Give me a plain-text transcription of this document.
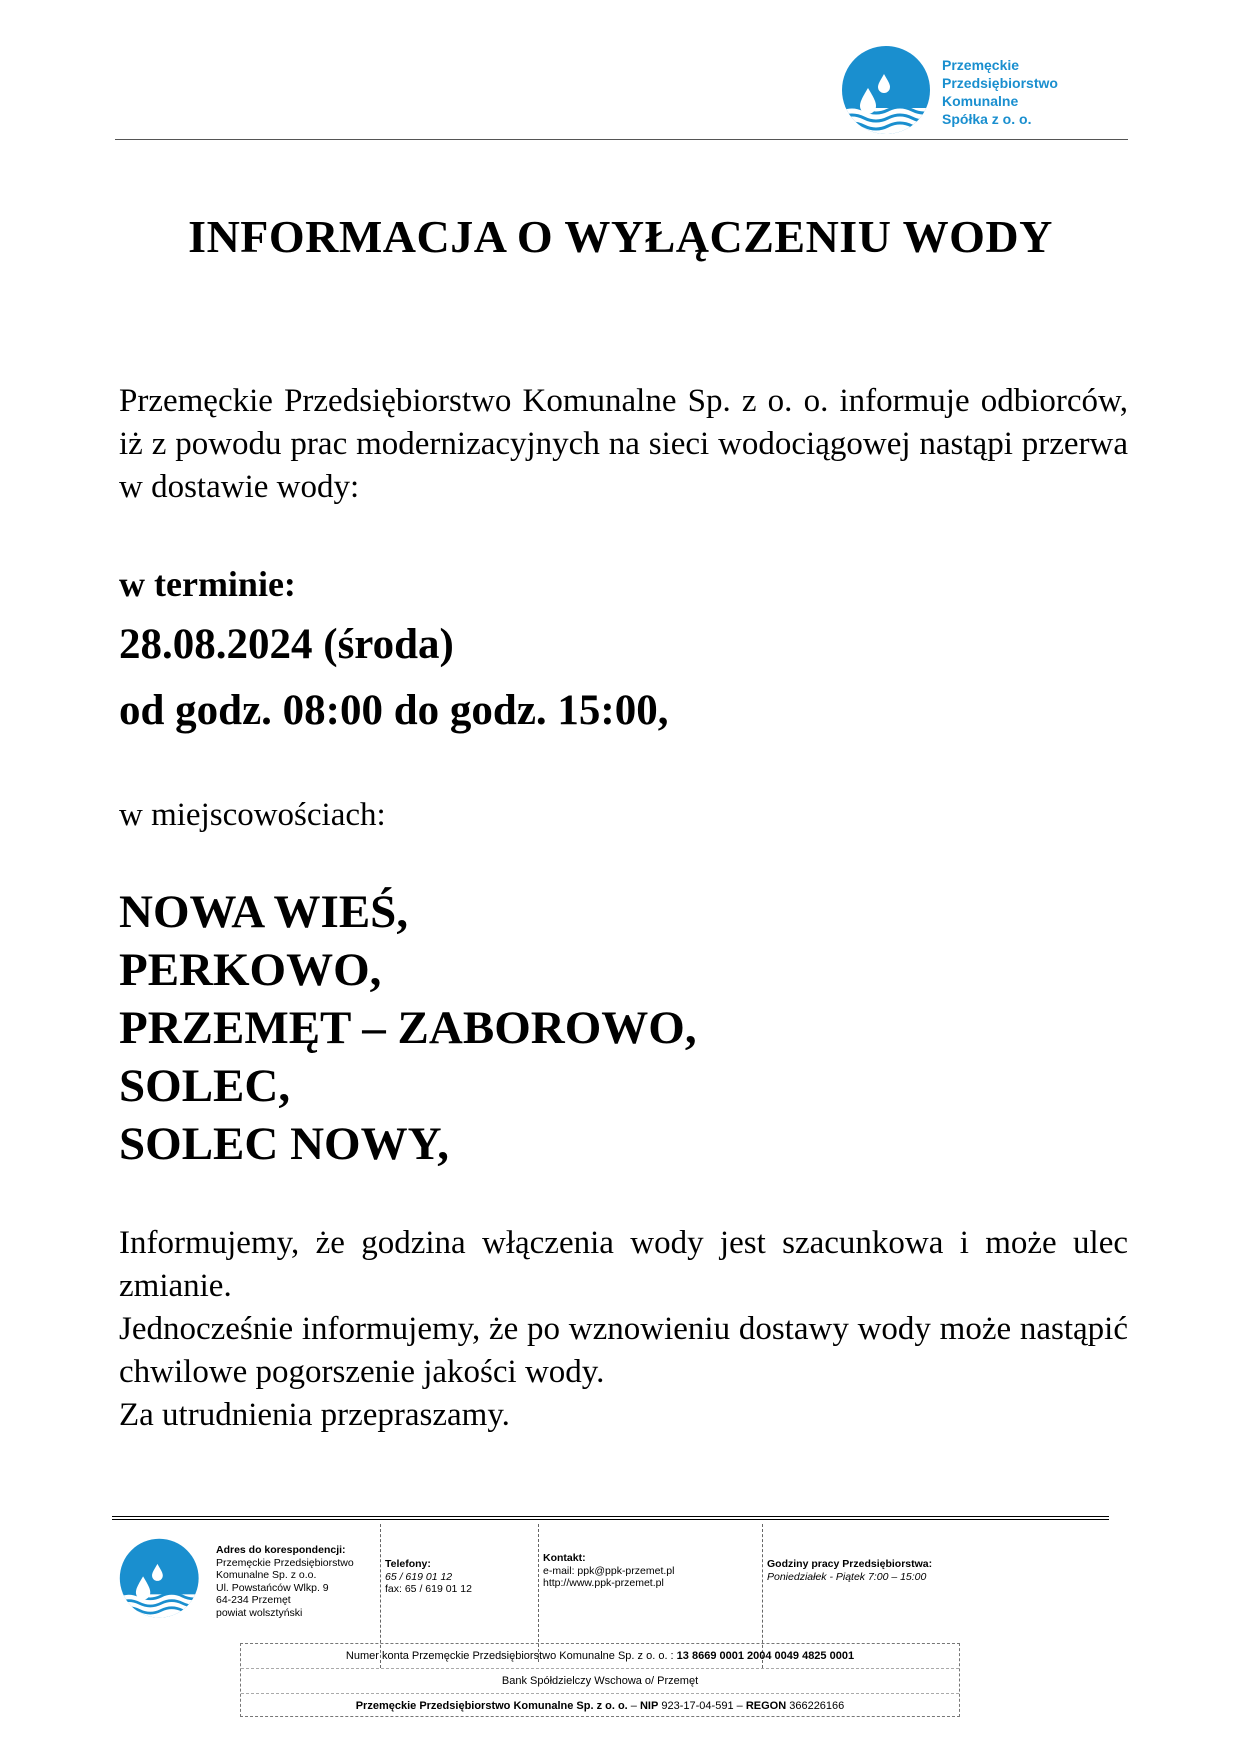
Przemęckie
Przedsiębiorstwo
Komunalne
Spółka z o. o.
INFORMACJA O WYŁĄCZENIU WODY
Przemęckie Przedsiębiorstwo Komunalne Sp. z o. o. informuje odbiorców, iż z powodu prac modernizacyjnych na sieci wodociągowej nastąpi przerwa w dostawie wody:
w terminie:
28.08.2024 (środa)
od godz. 08:00 do godz. 15:00,
w miejscowościach:
NOWA WIEŚ,
PERKOWO,
PRZEMĘT – ZABOROWO,
SOLEC,
SOLEC NOWY,

Informujemy, że godzina włączenia wody jest szacunkowa i może ulec zmianie.

Jednocześnie informujemy, że po wznowieniu dostawy wody może nastąpić chwilowe pogorszenie jakości wody.

Za utrudnienia przepraszamy.

Adres do korespondencji:
Przemęckie Przedsiębiorstwo
Komunalne Sp. z o.o.
Ul. Powstańców Wlkp. 9
64-234 Przemęt
powiat wolsztyński
Telefony:
65 / 619 01 12
fax: 65 / 619 01 12
Kontakt:
e-mail: ppk@ppk-przemet.pl
http://www.ppk-przemet.pl
Godziny pracy Przedsiębiorstwa:
Poniedziałek - Piątek 7:00 – 15:00
Numer konta Przemęckie Przedsiębiorstwo Komunalne Sp. z o. o. : 13 8669 0001 2004 0049 4825 0001
Bank Spółdzielczy Wschowa o/ Przemęt
Przemęckie Przedsiębiorstwo Komunalne Sp. z o. o. – NIP 923-17-04-591 – REGON 366226166
